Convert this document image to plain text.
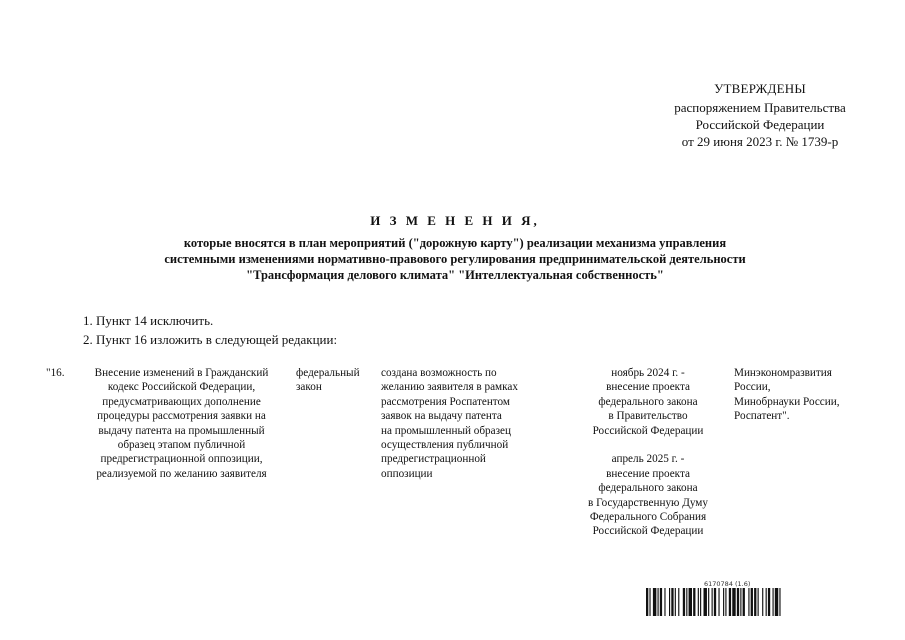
УТВЕРЖДЕНЫ
распоряжением Правительства
Российской Федерации
от 29 июня 2023 г. № 1739-р
И З М Е Н Е Н И Я,
которые вносятся в план мероприятий ("дорожную карту") реализации механизма управления
системными изменениями нормативно-правового регулирования предпринимательской деятельности
"Трансформация делового климата" "Интеллектуальная собственность"
1. Пункт 14 исключить.
2. Пункт 16 изложить в следующей редакции:
"16.	Внесение изменений в Гражданский
кодекс Российской Федерации,
предусматривающих дополнение
процедуры рассмотрения заявки на
выдачу патента на промышленный
образец этапом публичной
предрегистрационной оппозиции,
реализуемой по желанию заявителя
федеральный
закон
создана возможность по
желанию заявителя в рамках
рассмотрения Роспатентом
заявок на выдачу патента
на промышленный образец
осуществления публичной
предрегистрационной
оппозиции
ноябрь 2024 г. -
внесение проекта
федерального закона
в Правительство
Российской Федерации
апрель 2025 г. -
внесение проекта
федерального закона
в Государственную Думу
Федерального Собрания
Российской Федерации
Минэкономразвития
России,
Минобрнауки России,
Роспатент".
6170784 (1.6)
